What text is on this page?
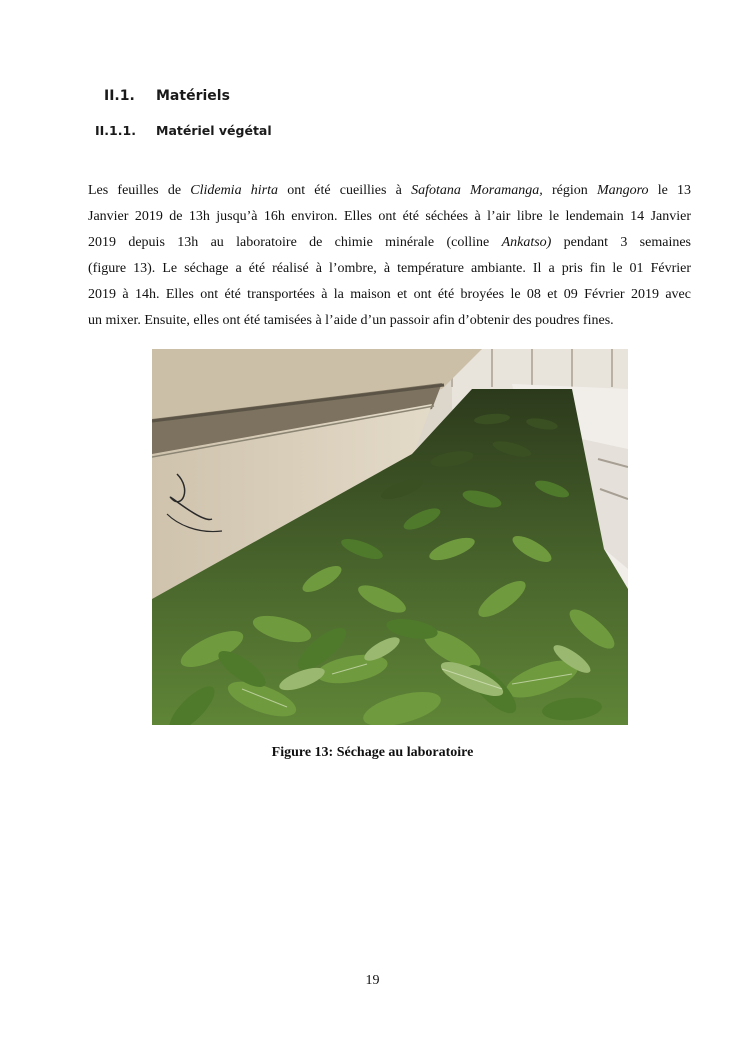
II.1. Matériels
II.1.1. Matériel végétal
Les feuilles de Clidemia hirta ont été cueillies à Safotana Moramanga, région Mangoro le 13
Janvier 2019 de 13h jusqu’à 16h environ. Elles ont été séchées à l’air libre le lendemain 14 Janvier
2019 depuis 13h au laboratoire de chimie minérale (colline Ankatso) pendant 3 semaines
(figure 13). Le séchage a été réalisé à l’ombre, à température ambiante. Il a pris fin le 01 Février
2019 à 14h. Elles ont été transportées à la maison et ont été broyées le 08 et 09 Février 2019 avec
un mixer. Ensuite, elles ont été tamisées à l’aide d’un passoir afin d’obtenir des poudres fines.
Figure 13: Séchage au laboratoire
19
